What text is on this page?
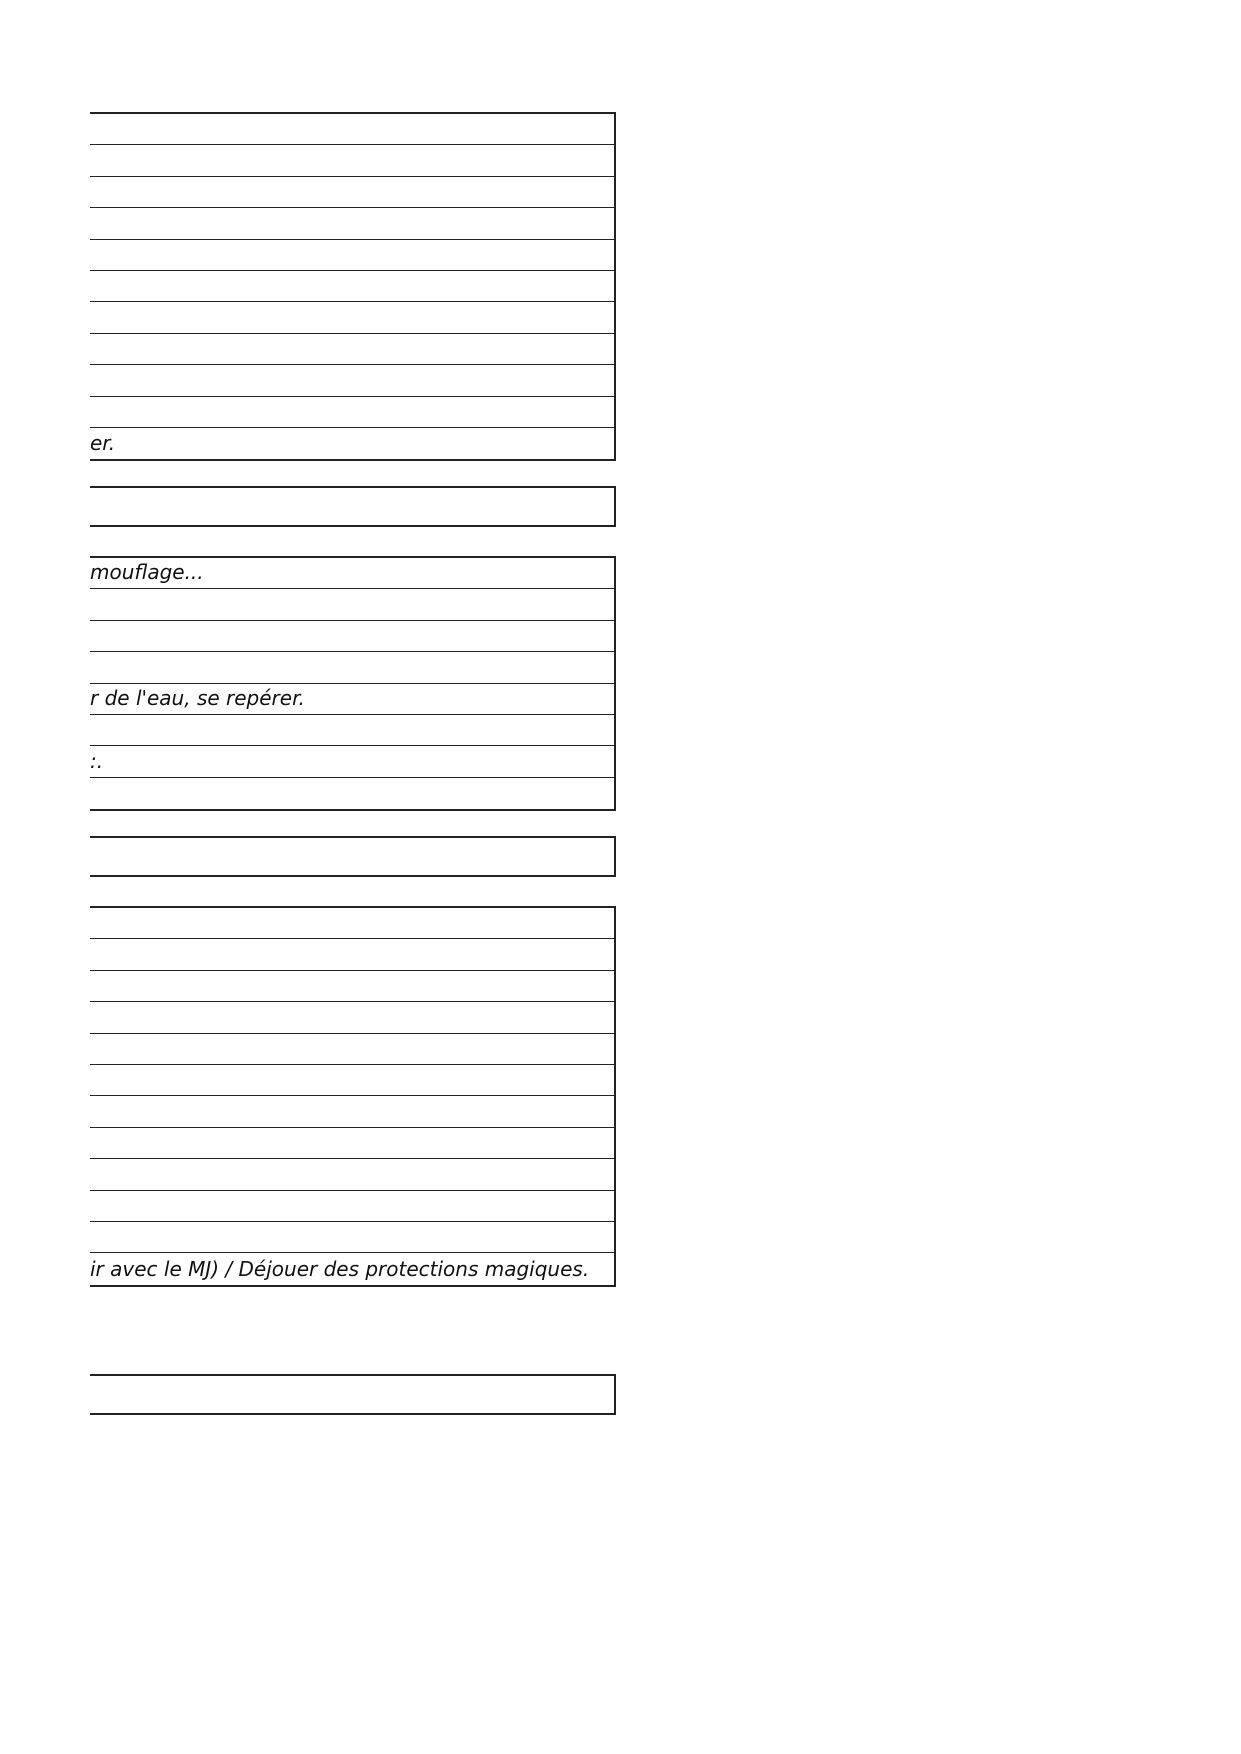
er.
mouflage...
r de l'eau, se repérer.
:.
ir avec le MJ) / Déjouer des protections magiques.
